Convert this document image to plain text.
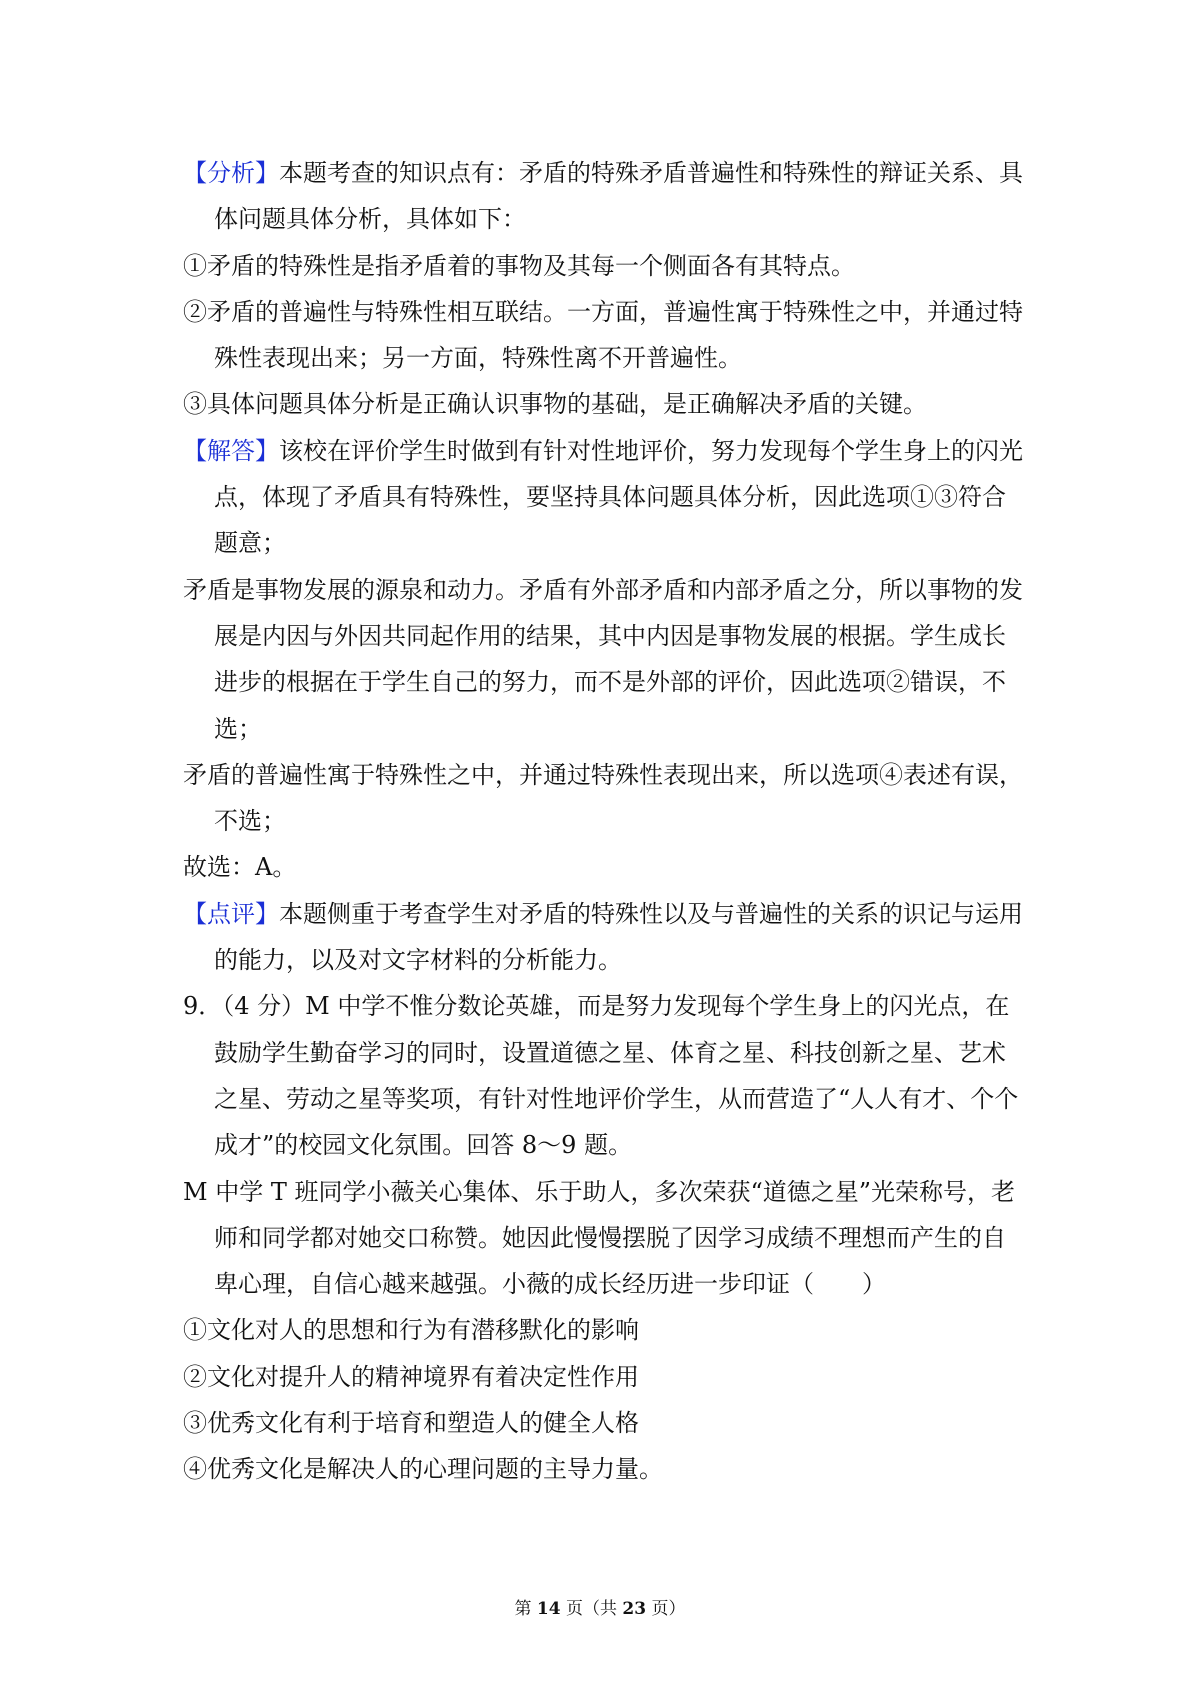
【分析】本题考查的知识点有：矛盾的特殊矛盾普遍性和特殊性的辩证关系、具体问题具体分析，具体如下：

①矛盾的特殊性是指矛盾着的事物及其每一个侧面各有其特点。

②矛盾的普遍性与特殊性相互联结。一方面，普遍性寓于特殊性之中，并通过特殊性表现出来；另一方面，特殊性离不开普遍性。

③具体问题具体分析是正确认识事物的基础，是正确解决矛盾的关键。

【解答】该校在评价学生时做到有针对性地评价，努力发现每个学生身上的闪光点，体现了矛盾具有特殊性，要坚持具体问题具体分析，因此选项①③符合题意；

矛盾是事物发展的源泉和动力。矛盾有外部矛盾和内部矛盾之分，所以事物的发展是内因与外因共同起作用的结果，其中内因是事物发展的根据。学生成长进步的根据在于学生自己的努力，而不是外部的评价，因此选项②错误，不选；

矛盾的普遍性寓于特殊性之中，并通过特殊性表现出来，所以选项④表述有误，不选；

故选：A。

【点评】本题侧重于考查学生对矛盾的特殊性以及与普遍性的关系的识记与运用的能力，以及对文字材料的分析能力。

9．（4 分）M 中学不惟分数论英雄，而是努力发现每个学生身上的闪光点，在鼓励学生勤奋学习的同时，设置道德之星、体育之星、科技创新之星、艺术之星、劳动之星等奖项，有针对性地评价学生，从而营造了“人人有才、个个成才”的校园文化氛围。回答 8～9 题。

M 中学 T 班同学小薇关心集体、乐于助人，多次荣获“道德之星”光荣称号，老师和同学都对她交口称赞。她因此慢慢摆脱了因学习成绩不理想而产生的自卑心理，自信心越来越强。小薇的成长经历进一步印证（　　）

①文化对人的思想和行为有潜移默化的影响

②文化对提升人的精神境界有着决定性作用

③优秀文化有利于培育和塑造人的健全人格

④优秀文化是解决人的心理问题的主导力量。

第 14 页（共 23 页）
